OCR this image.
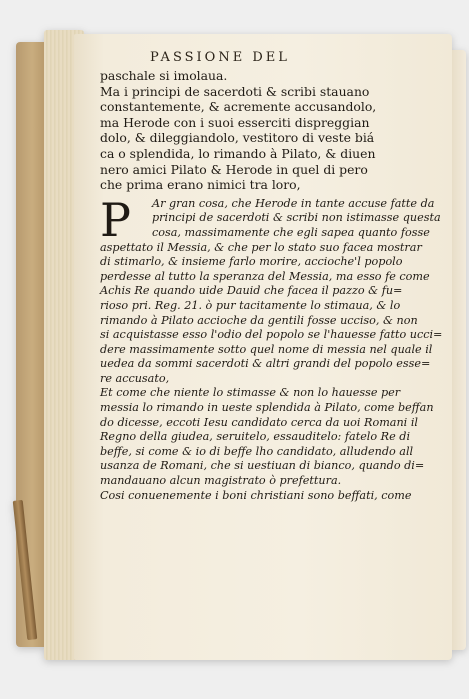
PASSIONE DEL

paschale si imolaua.

Ma i principi de sacerdoti & scribi stauano

constantemente, & acremente accusandolo,

ma Herode con i suoi esserciti dispreggian

dolo, & dileggiandolo, vestitoro di veste biá

ca o splendida, lo rimando à Pilato, & diuen

nero amici Pilato & Herode in quel di pero

che prima erano nimici tra loro,

P	Ar gran cosa, che Herode in tante accuse fatte da

principi de sacerdoti & scribi non istimasse questa

cosa, massimamente che egli sapea quanto fosse

aspettato il Messia, & che per lo stato suo facea mostrar

di stimarlo, & insieme farlo morire, accioche'l popolo

perdesse al tutto la speranza del Messia, ma esso fe come

Achis Re quando uide Dauid che facea il pazzo & fu=

rioso pri. Reg. 21. ò pur tacitamente lo stimaua, & lo

rimando à Pilato accioche da gentili fosse ucciso, & non

si acquistasse esso l'odio del popolo se l'hauesse fatto ucci=

dere massimamente sotto quel nome di messia nel quale il

uedea da sommi sacerdoti & altri grandi del popolo esse=

re accusato,

Et come che niente lo stimasse & non lo hauesse per

messia lo rimando in ueste splendida à Pilato, come beffan

do dicesse, eccoti Iesu candidato cerca da uoi Romani il

Regno della giudea, seruitelo, essauditelo: fatelo Re di

beffe, si come & io di beffe lho candidato, alludendo all

usanza de Romani, che si uestiuan di bianco, quando di=

mandauano alcun magistrato ò prefettura.

Cosi conuenemente i boni christiani sono beffati, come
